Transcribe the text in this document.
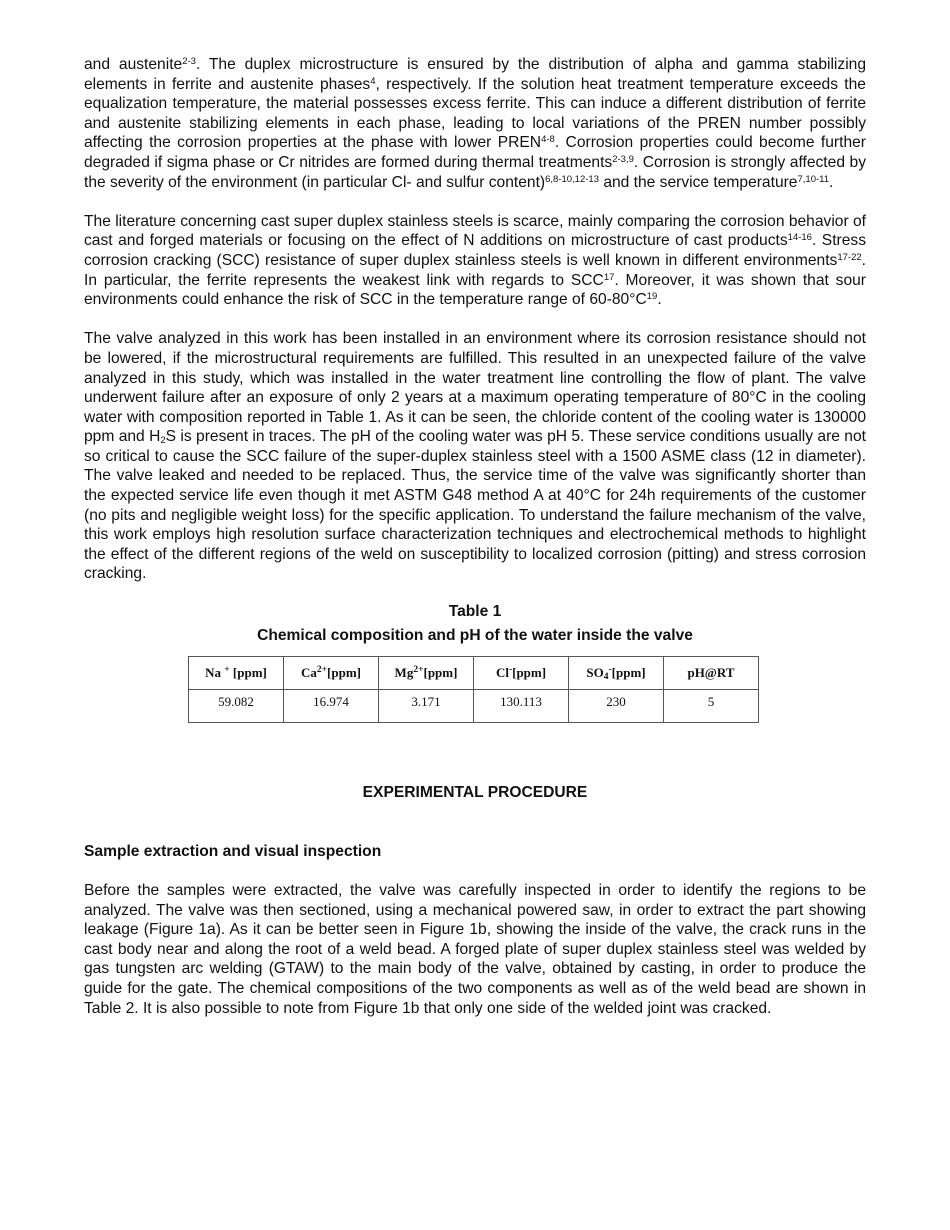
and austenite$^{2-3}$. The duplex microstructure is ensured by the distribution of alpha and gamma stabilizing elements in ferrite and austenite phases$^4$, respectively. If the solution heat treatment temperature exceeds the equalization temperature, the material possesses excess ferrite. This can induce a different distribution of ferrite and austenite stabilizing elements in each phase, leading to local variations of the PREN number possibly affecting the corrosion properties at the phase with lower PREN$^{4-8}$. Corrosion properties could become further degraded if sigma phase or Cr nitrides are formed during thermal treatments$^{2-3,9}$. Corrosion is strongly affected by the severity of the environment (in particular Cl- and sulfur content)$^{6,8-10,12-13}$ and the service temperature$^{7,10-11}$.

The literature concerning cast super duplex stainless steels is scarce, mainly comparing the corrosion behavior of cast and forged materials or focusing on the effect of N additions on microstructure of cast products$^{14-16}$. Stress corrosion cracking (SCC) resistance of super duplex stainless steels is well known in different environments$^{17-22}$. In particular, the ferrite represents the weakest link with regards to SCC$^{17}$. Moreover, it was shown that sour environments could enhance the risk of SCC in the temperature range of $60-80^\circ C^{19}$.

The valve analyzed in this work has been installed in an environment where its corrosion resistance should not be lowered, if the microstructural requirements are fulfilled. This resulted in an unexpected failure of the valve analyzed in this study, which was installed in the water treatment line controlling the flow of plant. The valve underwent failure after an exposure of only 2 years at a maximum operating temperature of 80°C in the cooling water with composition reported in Table 1. As it can be seen, the chloride content of the cooling water is 130000 ppm and $H_2S$ is present in traces. The pH of the cooling water was pH 5. These service conditions usually are not so critical to cause the SCC failure of the super-duplex stainless steel with a 1500 ASME class (12 in diameter). The valve leaked and needed to be replaced. Thus, the service time of the valve was significantly shorter than the expected service life even though it met ASTM G48 method A at 40°C for 24h requirements of the customer (no pits and negligible weight loss) for the specific application. To understand the failure mechanism of the valve, this work employs high resolution surface characterization techniques and electrochemical methods to highlight the effect of the different regions of the weld on susceptibility to localized corrosion (pitting) and stress corrosion cracking.

Table 1
Chemical composition and pH of the water inside the valve
Na + [ppm]	$Ca^{2+}[ppm]$	$Mg^{2+}[ppm]$	Cl-[ppm]	$SO_4^-[ppm]$	pH@RT
59.082	16.974	3.171	130.113	230	5
EXPERIMENTAL PROCEDURE
Sample extraction and visual inspection

Before the samples were extracted, the valve was carefully inspected in order to identify the regions to be analyzed. The valve was then sectioned, using a mechanical powered saw, in order to extract the part showing leakage (Figure 1a). As it can be better seen in Figure 1b, showing the inside of the valve, the crack runs in the cast body near and along the root of a weld bead. A forged plate of super duplex stainless steel was welded by gas tungsten arc welding (GTAW) to the main body of the valve, obtained by casting, in order to produce the guide for the gate. The chemical compositions of the two components as well as of the weld bead are shown in Table 2. It is also possible to note from Figure 1b that only one side of the welded joint was cracked.
